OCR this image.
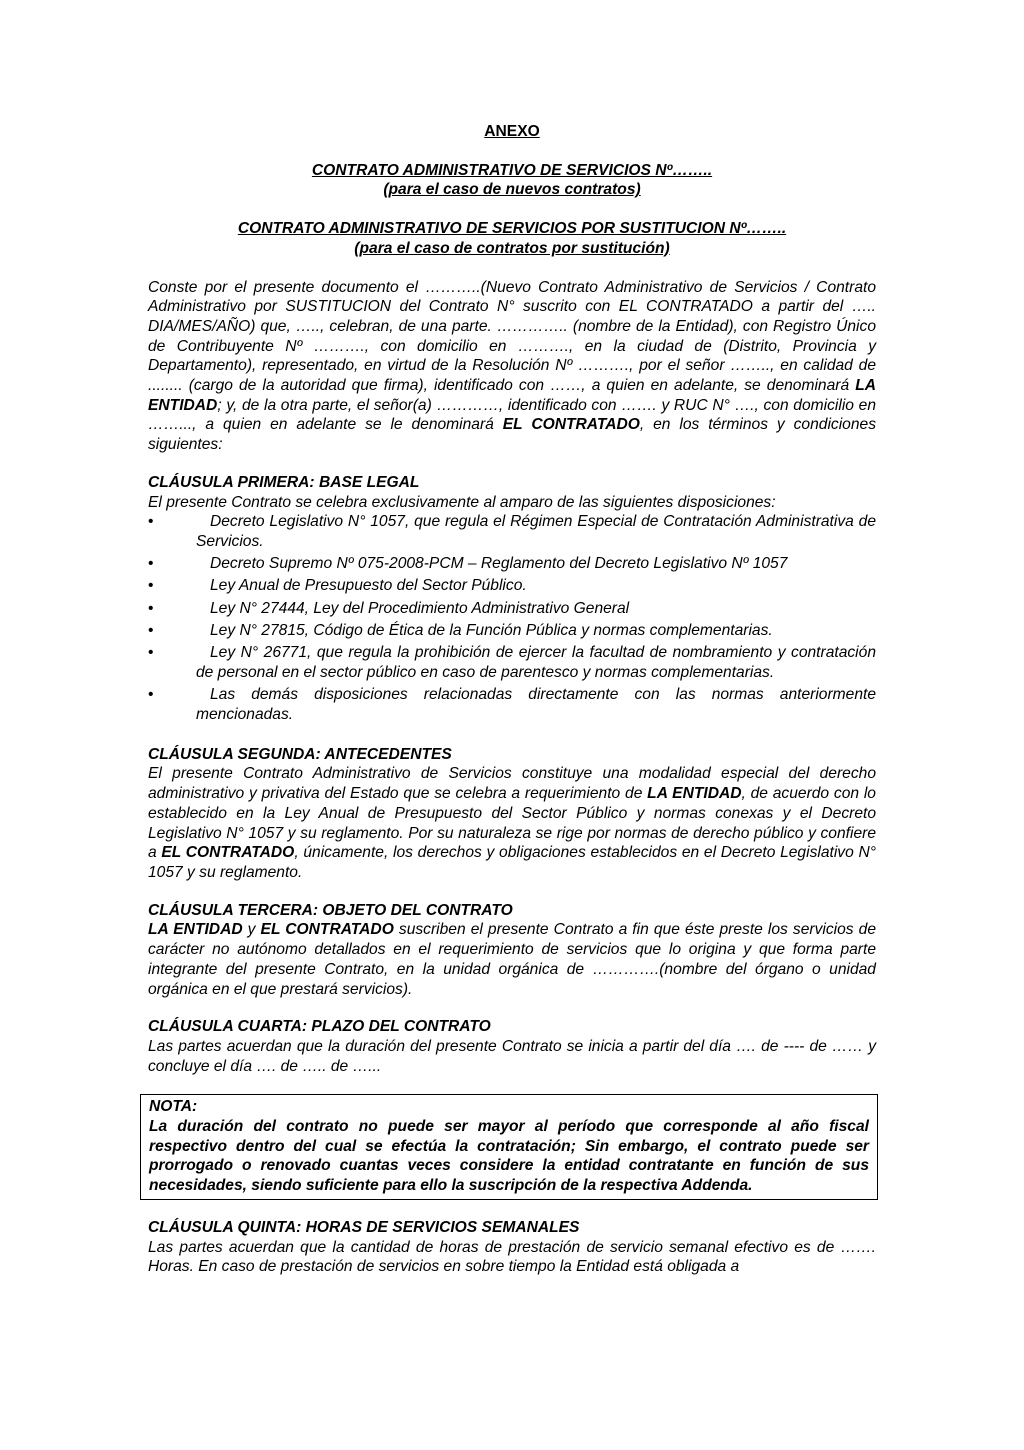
ANEXO

CONTRATO ADMINISTRATIVO DE SERVICIOS Nº……..

(para el caso de nuevos contratos)

CONTRATO ADMINISTRATIVO DE SERVICIOS POR SUSTITUCION Nº……..

(para el caso de contratos por sustitución)

Conste por el presente documento el ………..(Nuevo Contrato Administrativo de Servicios / Contrato Administrativo por SUSTITUCION del Contrato N° suscrito con EL CONTRATADO a partir del ….. DIA/MES/AÑO) que, ….., celebran, de una parte. ………….. (nombre de la Entidad), con Registro Único de Contribuyente Nº ………., con domicilio en ………., en la ciudad de (Distrito, Provincia y Departamento), representado, en virtud de la Resolución Nº ………., por el señor …….., en calidad de ........ (cargo de la autoridad que firma), identificado con ……, a quien en adelante, se denominará LA ENTIDAD; y, de la otra parte, el señor(a) …………, identificado con ……. y RUC N° …., con domicilio en ……..., a quien en adelante se le denominará EL CONTRATADO, en los términos y condiciones siguientes:

CLÁUSULA PRIMERA: BASE LEGAL

El presente Contrato se celebra exclusivamente al amparo de las siguientes disposiciones:

•	Decreto Legislativo N° 1057, que regula el Régimen Especial de Contratación Administrativa de Servicios.
•	Decreto Supremo Nº 075-2008-PCM – Reglamento del Decreto Legislativo Nº 1057
•	Ley Anual de Presupuesto del Sector Público.
•	Ley N° 27444, Ley del Procedimiento Administrativo General
•	Ley N° 27815, Código de Ética de la Función Pública y normas complementarias.
•	Ley N° 26771, que regula la prohibición de ejercer la facultad de nombramiento y contratación de personal en el sector público en caso de parentesco y normas complementarias.
•	Las demás disposiciones relacionadas directamente con las normas anteriormente mencionadas.

CLÁUSULA SEGUNDA: ANTECEDENTES

El presente Contrato Administrativo de Servicios constituye una modalidad especial del derecho administrativo y privativa del Estado que se celebra a requerimiento de LA ENTIDAD, de acuerdo con lo establecido en la Ley Anual de Presupuesto del Sector Público y normas conexas y el Decreto Legislativo N° 1057 y su reglamento. Por su naturaleza se rige por normas de derecho público y confiere a EL CONTRATADO, únicamente, los derechos y obligaciones establecidos en el Decreto Legislativo N° 1057 y su reglamento.

CLÁUSULA TERCERA: OBJETO DEL CONTRATO

LA ENTIDAD y EL CONTRATADO suscriben el presente Contrato a fin que éste preste los servicios de carácter no autónomo detallados en el requerimiento de servicios que lo origina y que forma parte integrante del presente Contrato, en la unidad orgánica de ………….(nombre del órgano o unidad orgánica en el que prestará servicios).

CLÁUSULA CUARTA: PLAZO DEL CONTRATO

Las partes acuerdan que la duración del presente Contrato se inicia a partir del día …. de ---- de …… y concluye el día …. de ….. de …...

NOTA:

La duración del contrato no puede ser mayor al período que corresponde al año fiscal respectivo dentro del cual se efectúa la contratación; Sin embargo, el contrato puede ser prorrogado o renovado cuantas veces considere la entidad contratante en función de sus necesidades, siendo suficiente para ello la suscripción de la respectiva Addenda.

CLÁUSULA QUINTA: HORAS DE SERVICIOS SEMANALES

Las partes acuerdan que la cantidad de horas de prestación de servicio semanal efectivo es de ……. Horas. En caso de prestación de servicios en sobre tiempo la Entidad está obligada a
